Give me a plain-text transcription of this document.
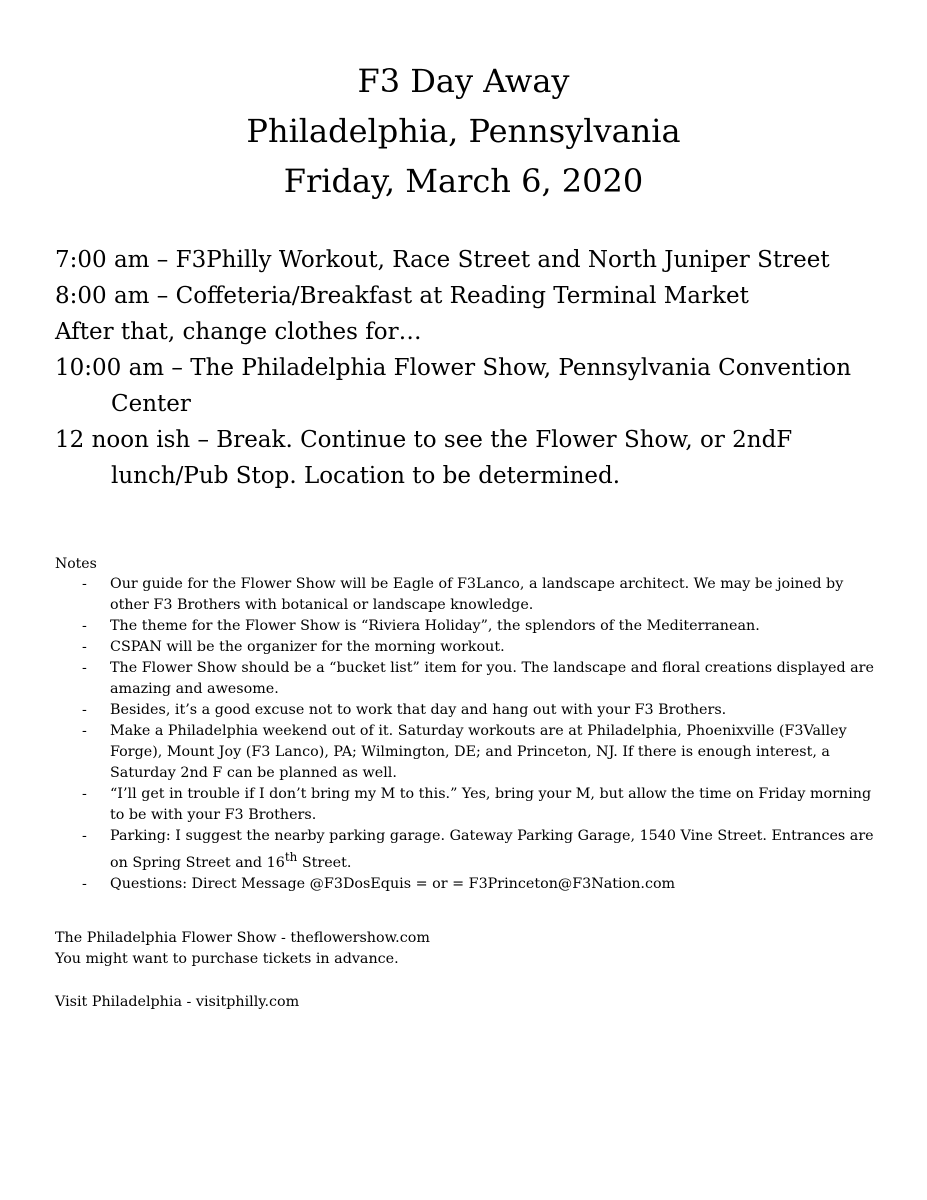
F3 Day Away
Philadelphia, Pennsylvania
Friday, March 6, 2020
7:00 am – F3Philly Workout, Race Street and North Juniper Street
8:00 am – Coffeteria/Breakfast at Reading Terminal Market
After that, change clothes for…
10:00 am – The Philadelphia Flower Show, Pennsylvania Convention Center
12 noon ish – Break. Continue to see the Flower Show, or 2ndF lunch/Pub Stop. Location to be determined.
Notes
- Our guide for the Flower Show will be Eagle of F3Lanco, a landscape architect. We may be joined by other F3 Brothers with botanical or landscape knowledge.
- The theme for the Flower Show is “Riviera Holiday”, the splendors of the Mediterranean.
- CSPAN will be the organizer for the morning workout.
- The Flower Show should be a “bucket list” item for you. The landscape and floral creations displayed are amazing and awesome.
- Besides, it’s a good excuse not to work that day and hang out with your F3 Brothers.
- Make a Philadelphia weekend out of it. Saturday workouts are at Philadelphia, Phoenixville (F3Valley Forge), Mount Joy (F3 Lanco), PA; Wilmington, DE; and Princeton, NJ. If there is enough interest, a Saturday 2nd F can be planned as well.
- “I’ll get in trouble if I don’t bring my M to this.” Yes, bring your M, but allow the time on Friday morning to be with your F3 Brothers.
- Parking: I suggest the nearby parking garage. Gateway Parking Garage, 1540 Vine Street. Entrances are on Spring Street and 16th Street.
- Questions: Direct Message @F3DosEquis = or = F3Princeton@F3Nation.com
The Philadelphia Flower Show - theflowershow.com
You might want to purchase tickets in advance.
Visit Philadelphia - visitphilly.com
